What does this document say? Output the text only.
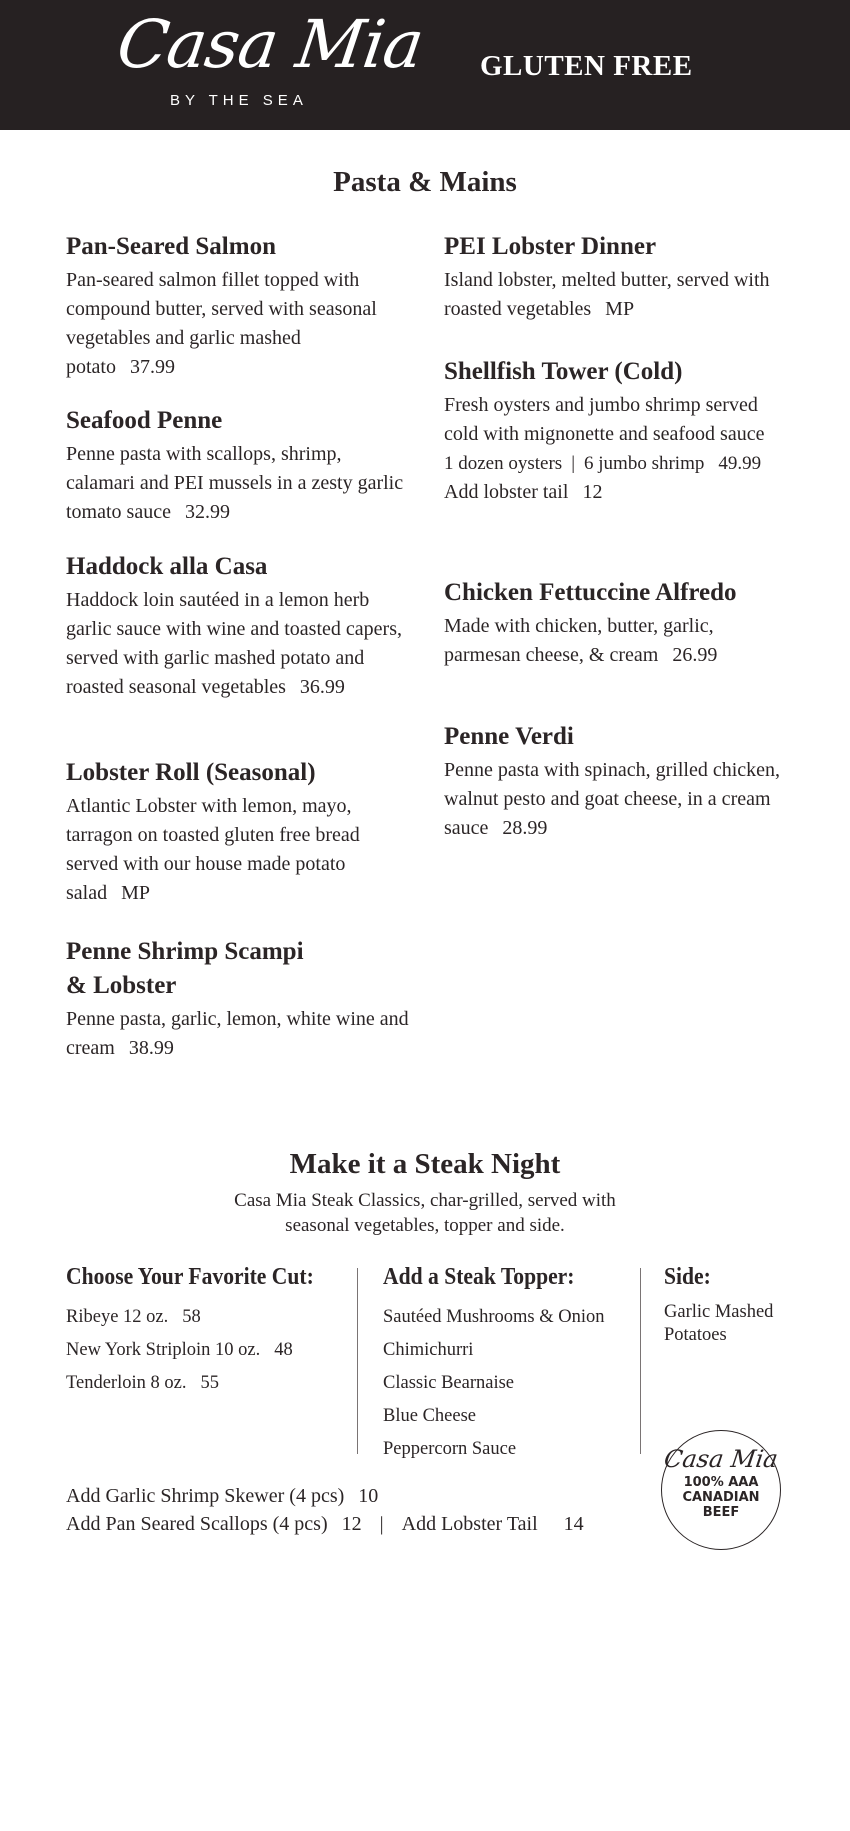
Casa Mia
BY THE SEA
GLUTEN FREE
Pasta & Mains
Pan-Seared Salmon

Pan-seared salmon fillet topped with compound butter, served with seasonal vegetables and garlic mashed potato 37.99

Seafood Penne

Penne pasta with scallops, shrimp, calamari and PEI mussels in a zesty garlic tomato sauce 32.99

Haddock alla Casa

Haddock loin sautéed in a lemon herb garlic sauce with wine and toasted capers, served with garlic mashed potato and roasted seasonal vegetables 36.99

Lobster Roll (Seasonal)

Atlantic Lobster with lemon, mayo, tarragon on toasted gluten free bread served with our house made potato salad MP

Penne Shrimp Scampi
& Lobster

Penne pasta, garlic, lemon, white wine and cream 38.99

PEI Lobster Dinner

Island lobster, melted butter, served with roasted vegetables MP

Shellfish Tower (Cold)

Fresh oysters and jumbo shrimp served cold with mignonette and seafood sauce

1 dozen oysters | 6 jumbo shrimp 49.99

Add lobster tail 12

Chicken Fettuccine Alfredo

Made with chicken, butter, garlic, parmesan cheese, & cream 26.99

Penne Verdi

Penne pasta with spinach, grilled chicken, walnut pesto and goat cheese, in a cream sauce 28.99

Make it a Steak Night

Casa Mia Steak Classics, char-grilled, served with
seasonal vegetables, topper and side.

Choose Your Favorite Cut:
Ribeye 12 oz. 58
New York Striploin 10 oz. 48
Tenderloin 8 oz. 55
Add a Steak Topper:
Sautéed Mushrooms & Onion
Chimichurri
Classic Bearnaise
Blue Cheese
Peppercorn Sauce
Side:

Garlic Mashed Potatoes

Add Garlic Shrimp Skewer (4 pcs) 10
Add Pan Seared Scallops (4 pcs) 12 | Add Lobster Tail 14
Casa Mia
100% AAA CANADIAN BEEF
